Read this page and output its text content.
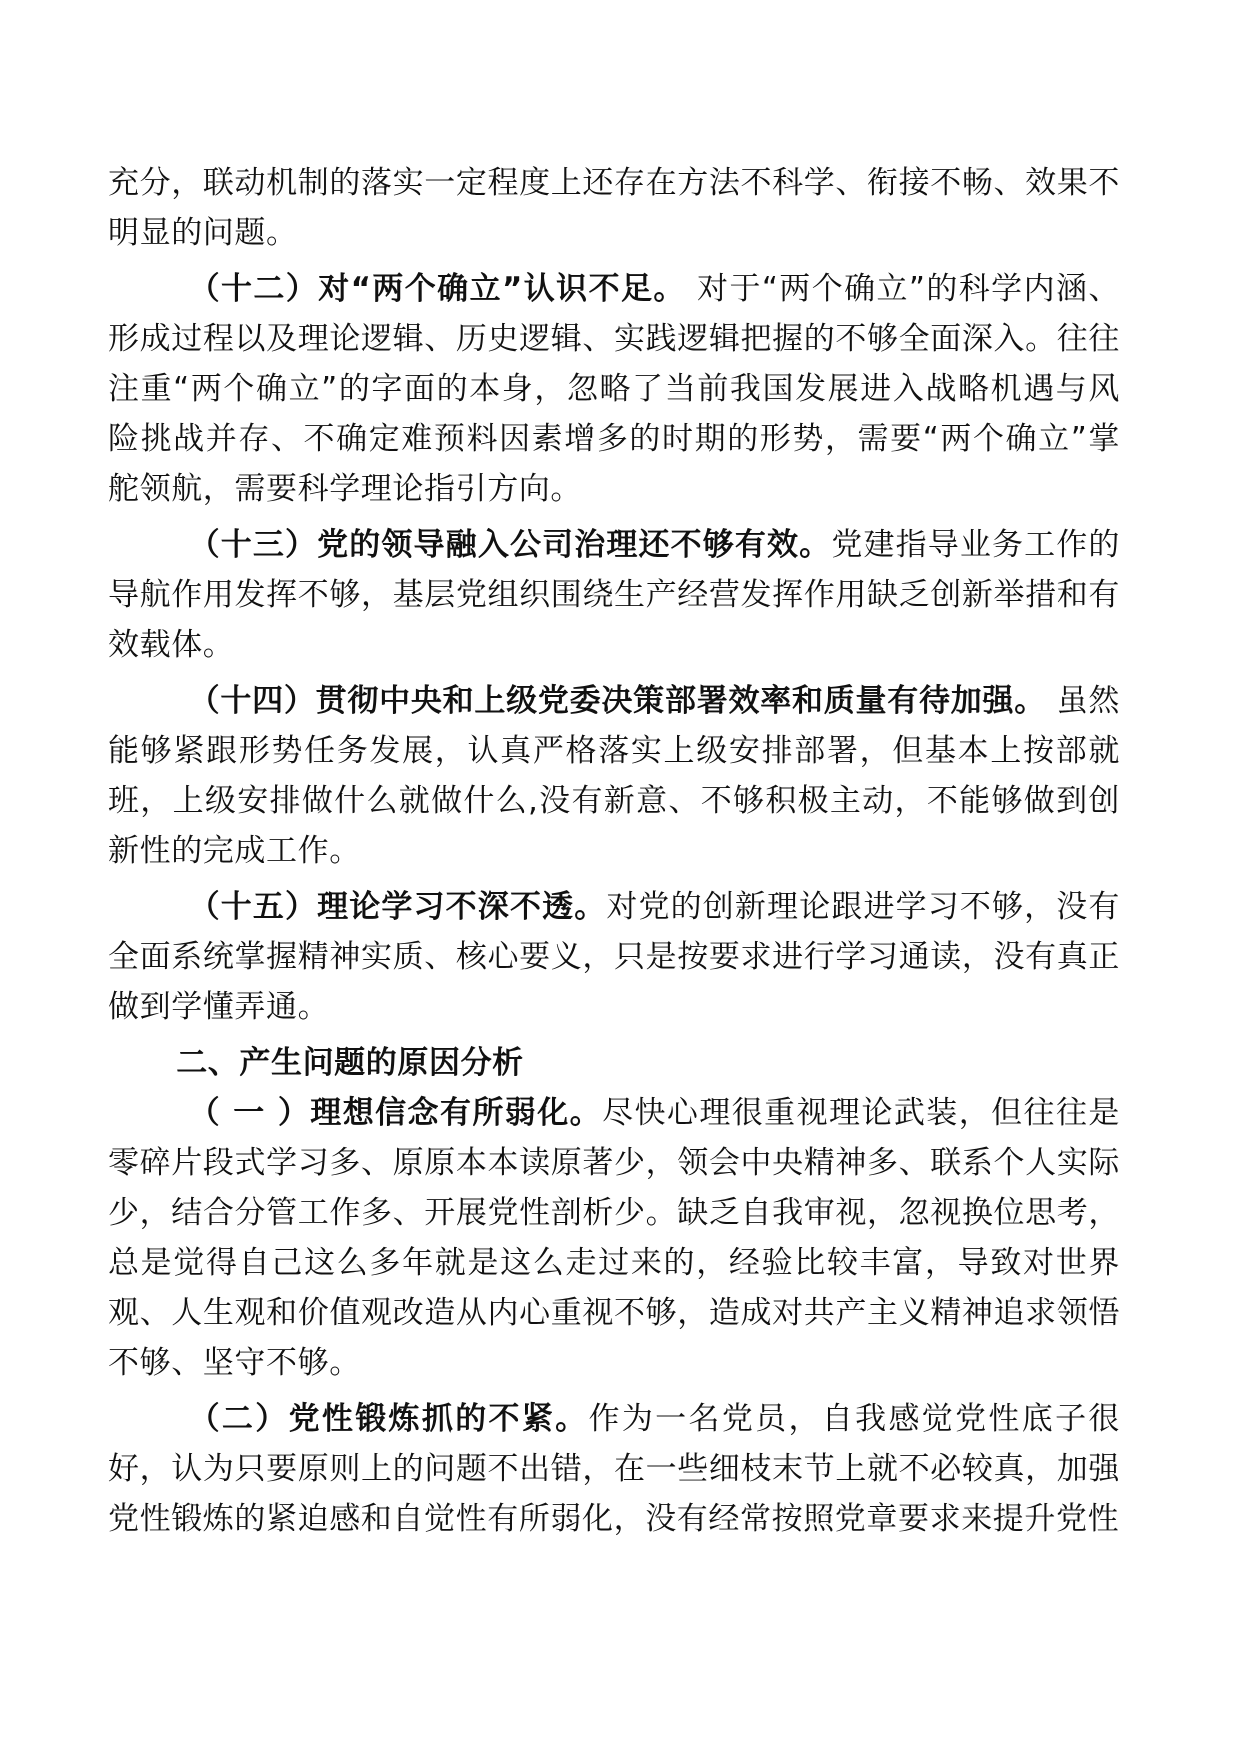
充分，联动机制的落实一定程度上还存在方法不科学、衔接不畅、效果不明显的问题。

（十二）对“两个确立”认识不足。 对于“两个确立”的科学内涵、 形成过程以及理论逻辑、历史逻辑、实践逻辑把握的不够全面深入。往往注重“两个确立”的字面的本身，忽略了当前我国发展进入战略机遇与风险挑战并存、不确定难预料因素增多的时期的形势，需要“两个确立”掌舵领航，需要科学理论指引方向。

（十三）党的领导融入公司治理还不够有效。党建指导业务工作的导航作用发挥不够，基层党组织围绕生产经营发挥作用缺乏创新举措和有效载体。

（十四）贯彻中央和上级党委决策部署效率和质量有待加强。 虽然能够紧跟形势任务发展，认真严格落实上级安排部署，但基本上按部就班，上级安排做什么就做什么,没有新意、不够积极主动，不能够做到创新性的完成工作。

（十五）理论学习不深不透。对党的创新理论跟进学习不够，没有全面系统掌握精神实质、核心要义，只是按要求进行学习通读，没有真正做到学懂弄通。

二、产生问题的原因分析

（ 一 ）理想信念有所弱化。尽快心理很重视理论武装，但往往是零碎片段式学习多、原原本本读原著少，领会中央精神多、联系个人实际少，结合分管工作多、开展党性剖析少。缺乏自我审视，忽视换位思考，总是觉得自己这么多年就是这么走过来的，经验比较丰富，导致对世界观、人生观和价值观改造从内心重视不够，造成对共产主义精神追求领悟不够、坚守不够。

（二）党性锻炼抓的不紧。作为一名党员，自我感觉党性底子很好，认为只要原则上的问题不出错，在一些细枝末节上就不必较真，加强党性锻炼的紧迫感和自觉性有所弱化，没有经常按照党章要求来提升党性
